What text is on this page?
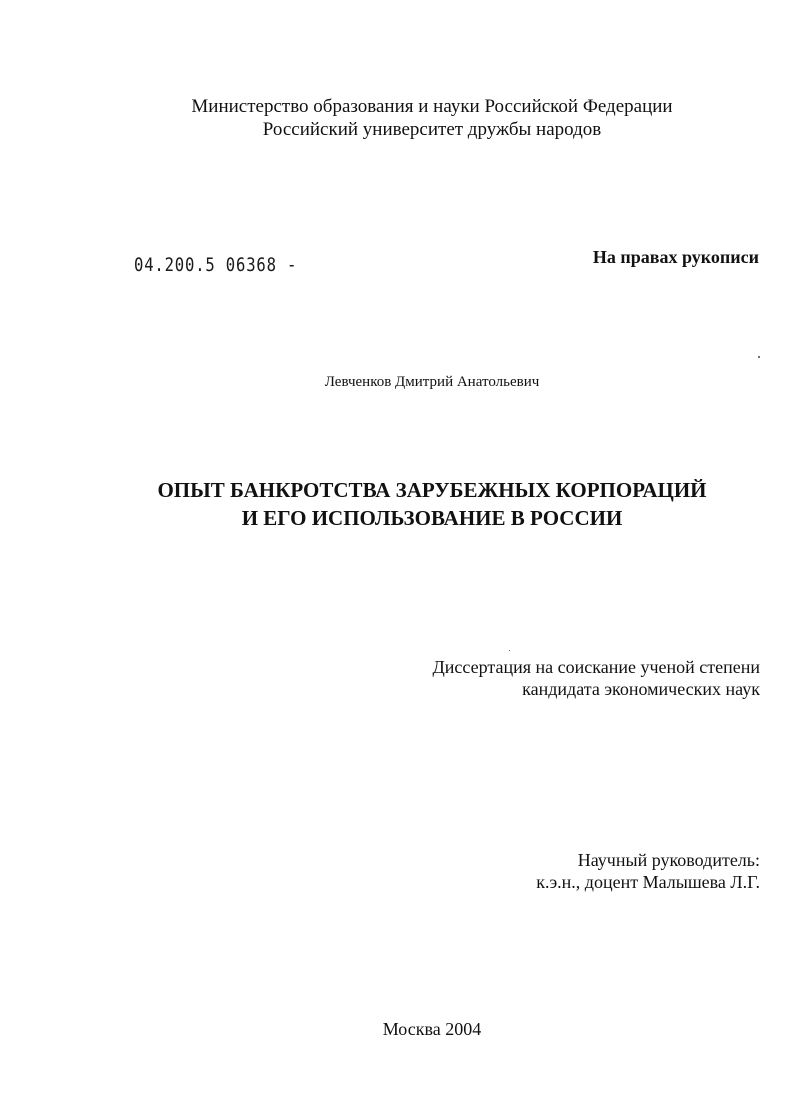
Министерство образования и науки Российской Федерации
Российский университет дружбы народов
04.200.5 06368 -	На правах рукописи
Левченков Дмитрий Анатольевич
ОПЫТ БАНКРОТСТВА ЗАРУБЕЖНЫХ КОРПОРАЦИЙ
И ЕГО ИСПОЛЬЗОВАНИЕ В РОССИИ
Диссертация на соискание ученой степени
кандидата экономических наук
Научный руководитель:
к.э.н., доцент Малышева Л.Г.
Москва 2004
